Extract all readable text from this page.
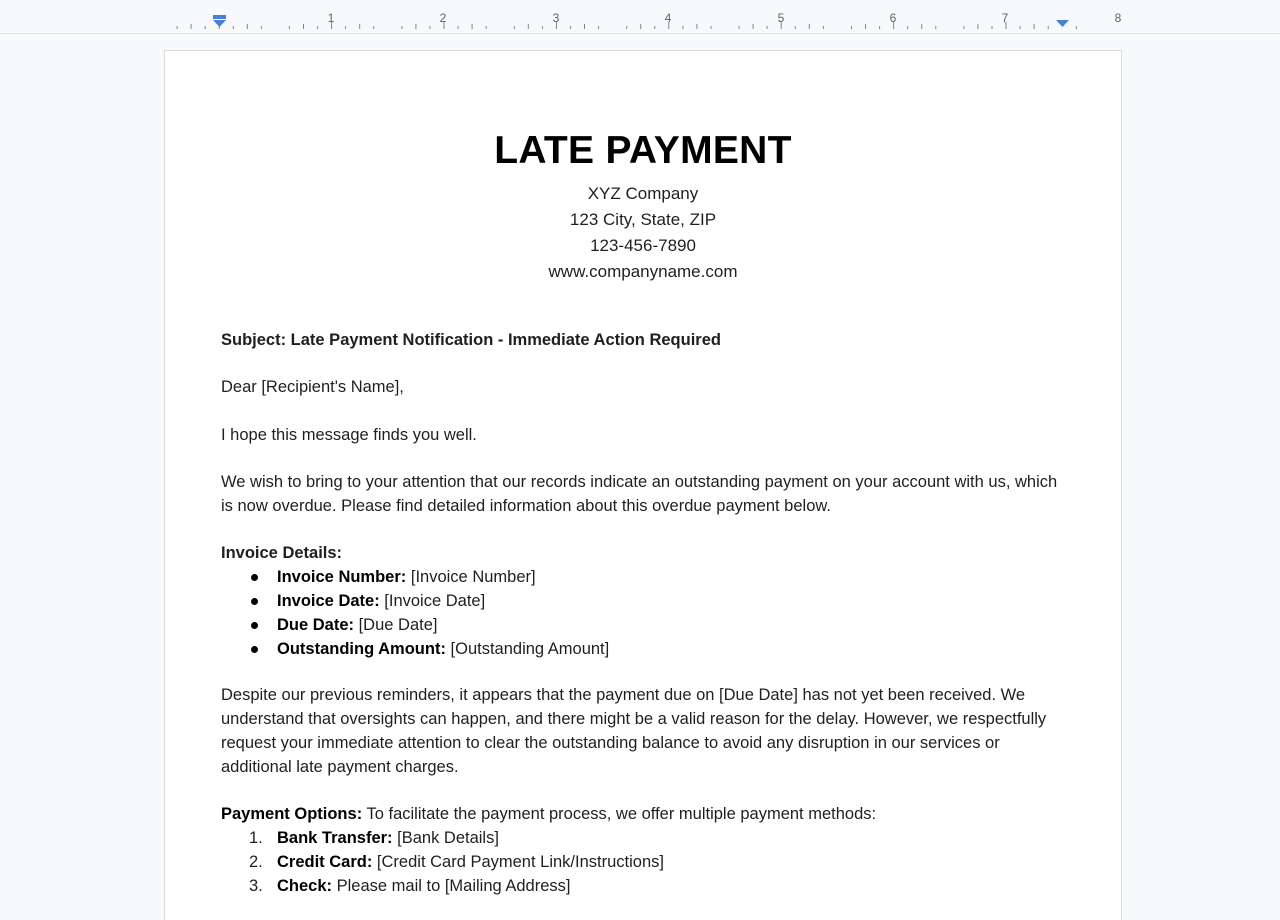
1	2	3	4	5	6	7	8
LATE PAYMENT
XYZ Company
123 City, State, ZIP
123-456-7890
www.companyname.com
Subject: Late Payment Notification - Immediate Action Required
Dear [Recipient's Name],
I hope this message finds you well.
We wish to bring to your attention that our records indicate an outstanding payment on your account with us, which is now overdue. Please find detailed information about this overdue payment below.
Invoice Details:
Invoice Number: [Invoice Number]
Invoice Date: [Invoice Date]
Due Date: [Due Date]
Outstanding Amount: [Outstanding Amount]
Despite our previous reminders, it appears that the payment due on [Due Date] has not yet been received. We understand that oversights can happen, and there might be a valid reason for the delay. However, we respectfully request your immediate attention to clear the outstanding balance to avoid any disruption in our services or additional late payment charges.
Payment Options: To facilitate the payment process, we offer multiple payment methods:
1. Bank Transfer: [Bank Details]
2. Credit Card: [Credit Card Payment Link/Instructions]
3. Check: Please mail to [Mailing Address]
